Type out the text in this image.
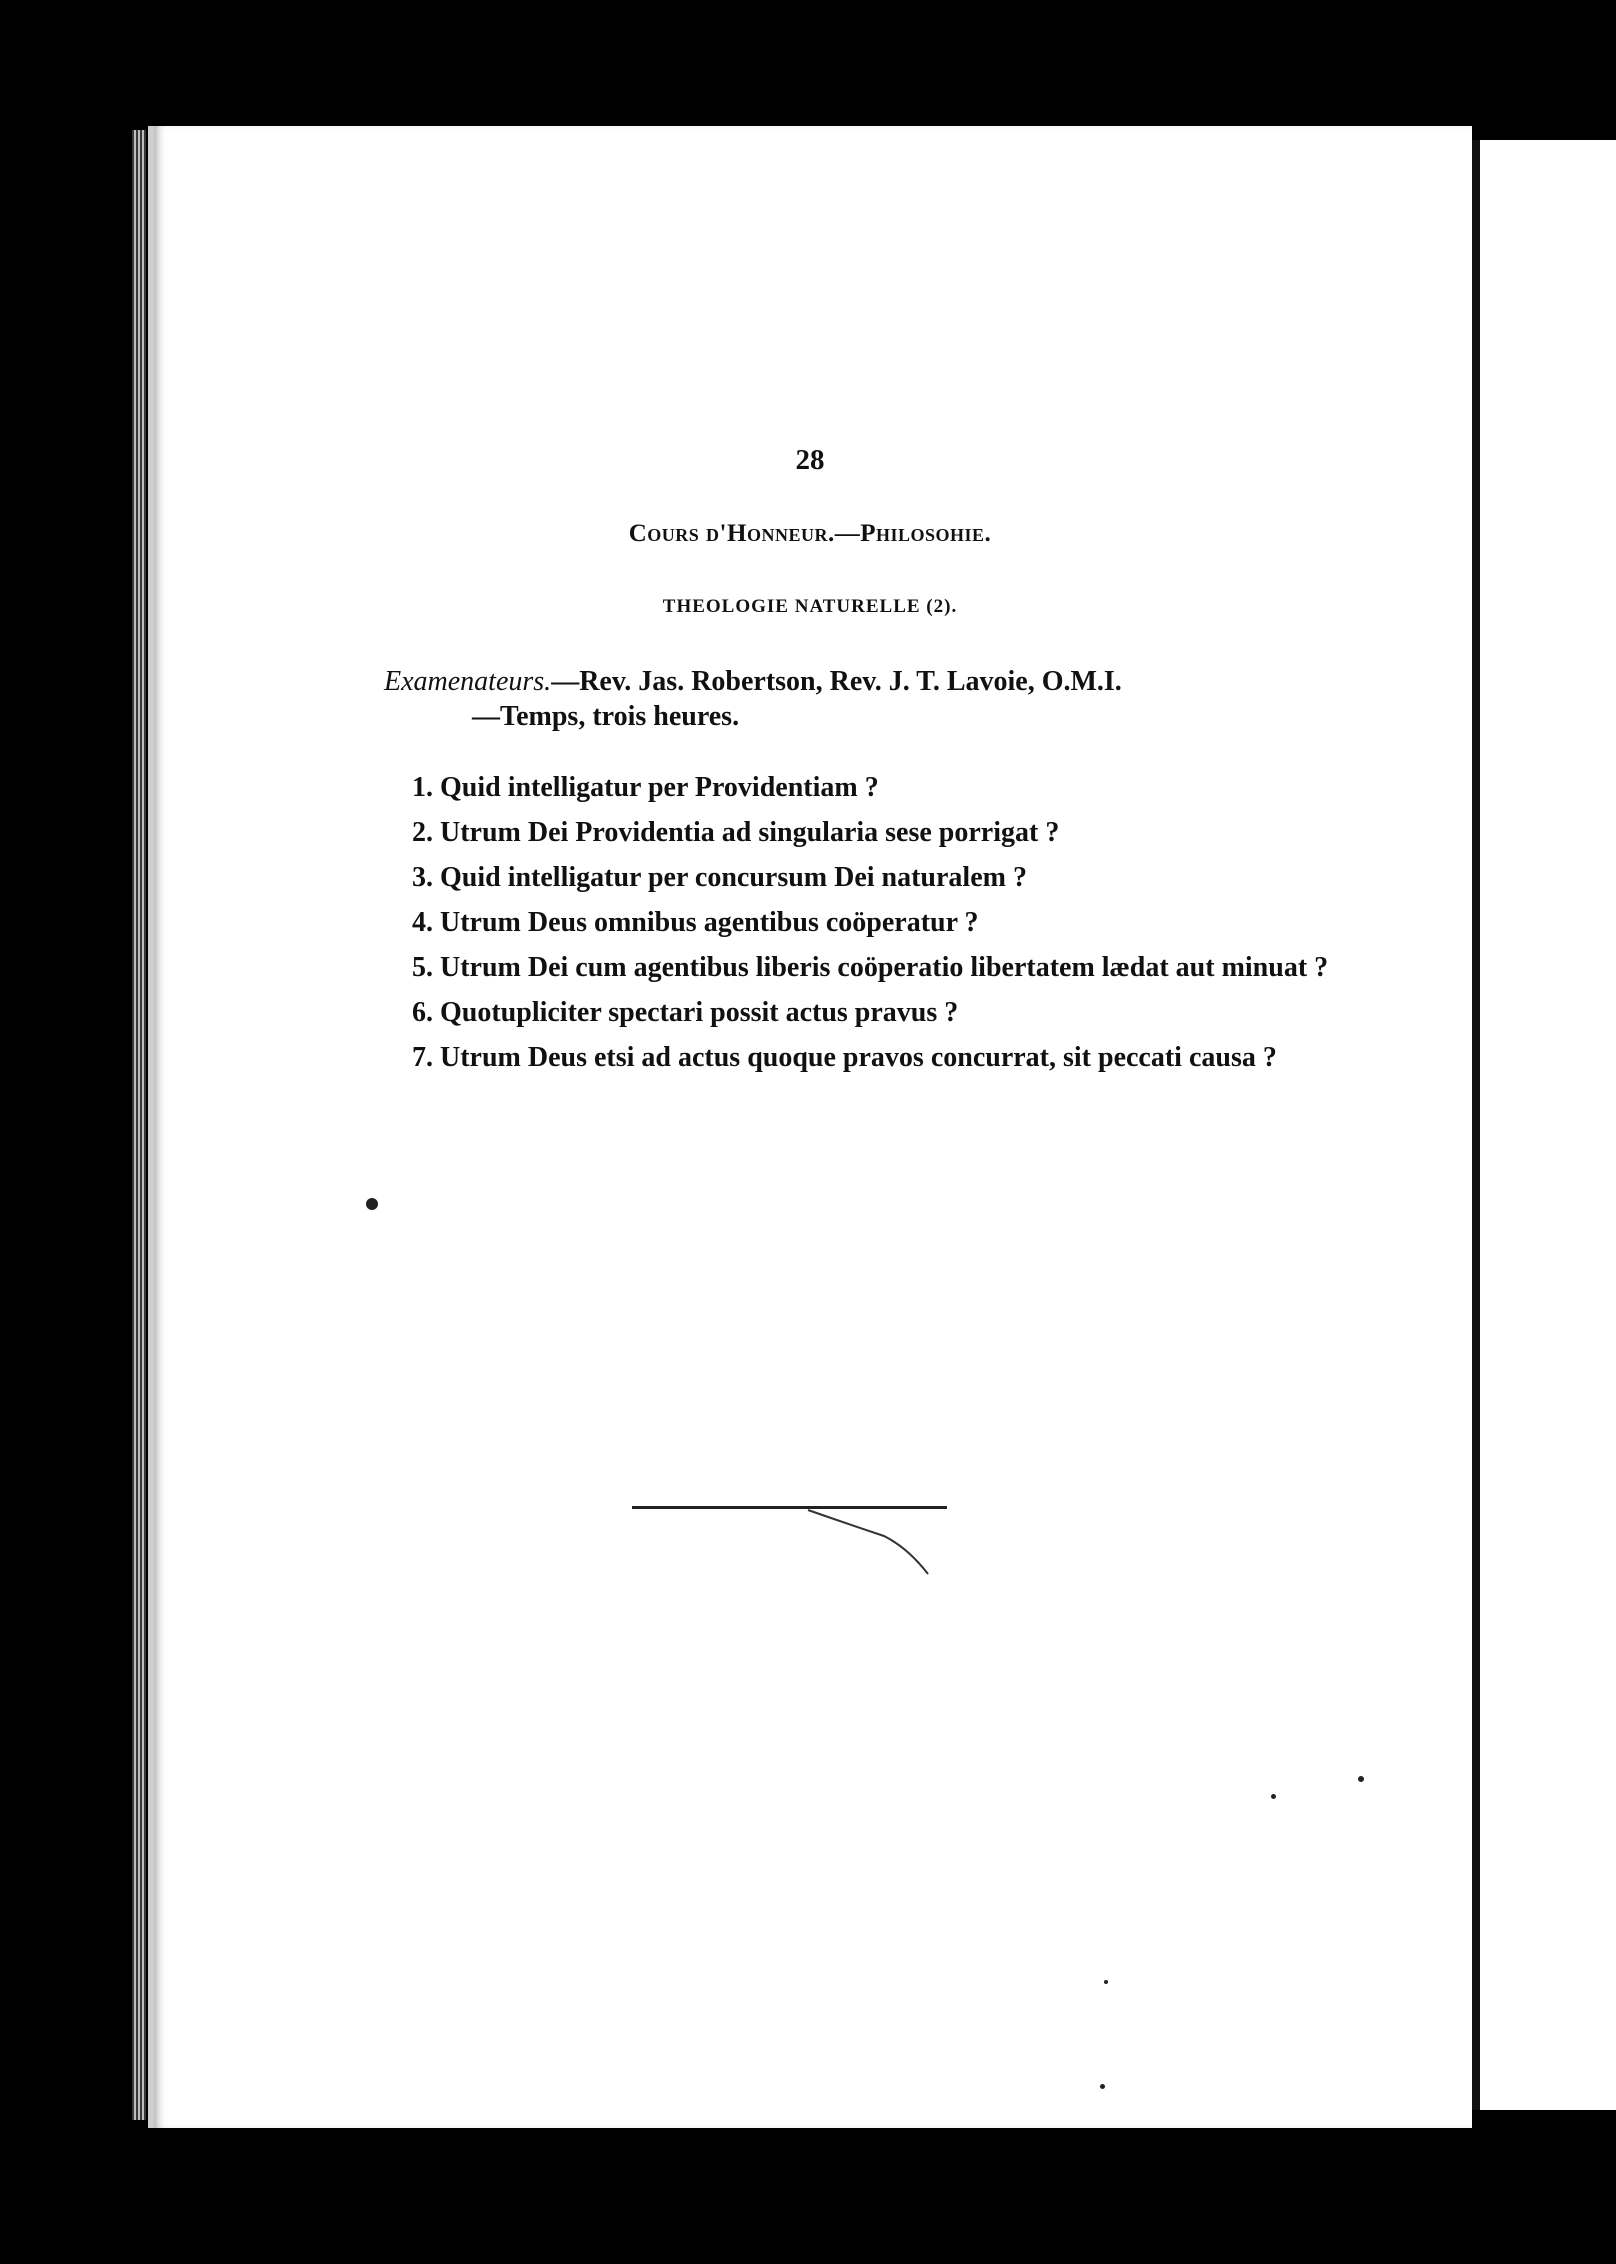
28
Cours d'Honneur.—Philosohie.
THEOLOGIE NATURELLE (2).

Examenateurs.—Rev. Jas. Robertson, Rev. J. T. Lavoie, O.M.I.
—Temps, trois heures.

1. Quid intelligatur per Providentiam ?
2. Utrum Dei Providentia ad singularia sese porrigat ?
3. Quid intelligatur per concursum Dei naturalem ?
4. Utrum Deus omnibus agentibus coöperatur ?
5. Utrum Dei cum agentibus liberis coöperatio libertatem lædat aut minuat ?
6. Quotupliciter spectari possit actus pravus ?
7. Utrum Deus etsi ad actus quoque pravos concurrat, sit peccati causa ?
